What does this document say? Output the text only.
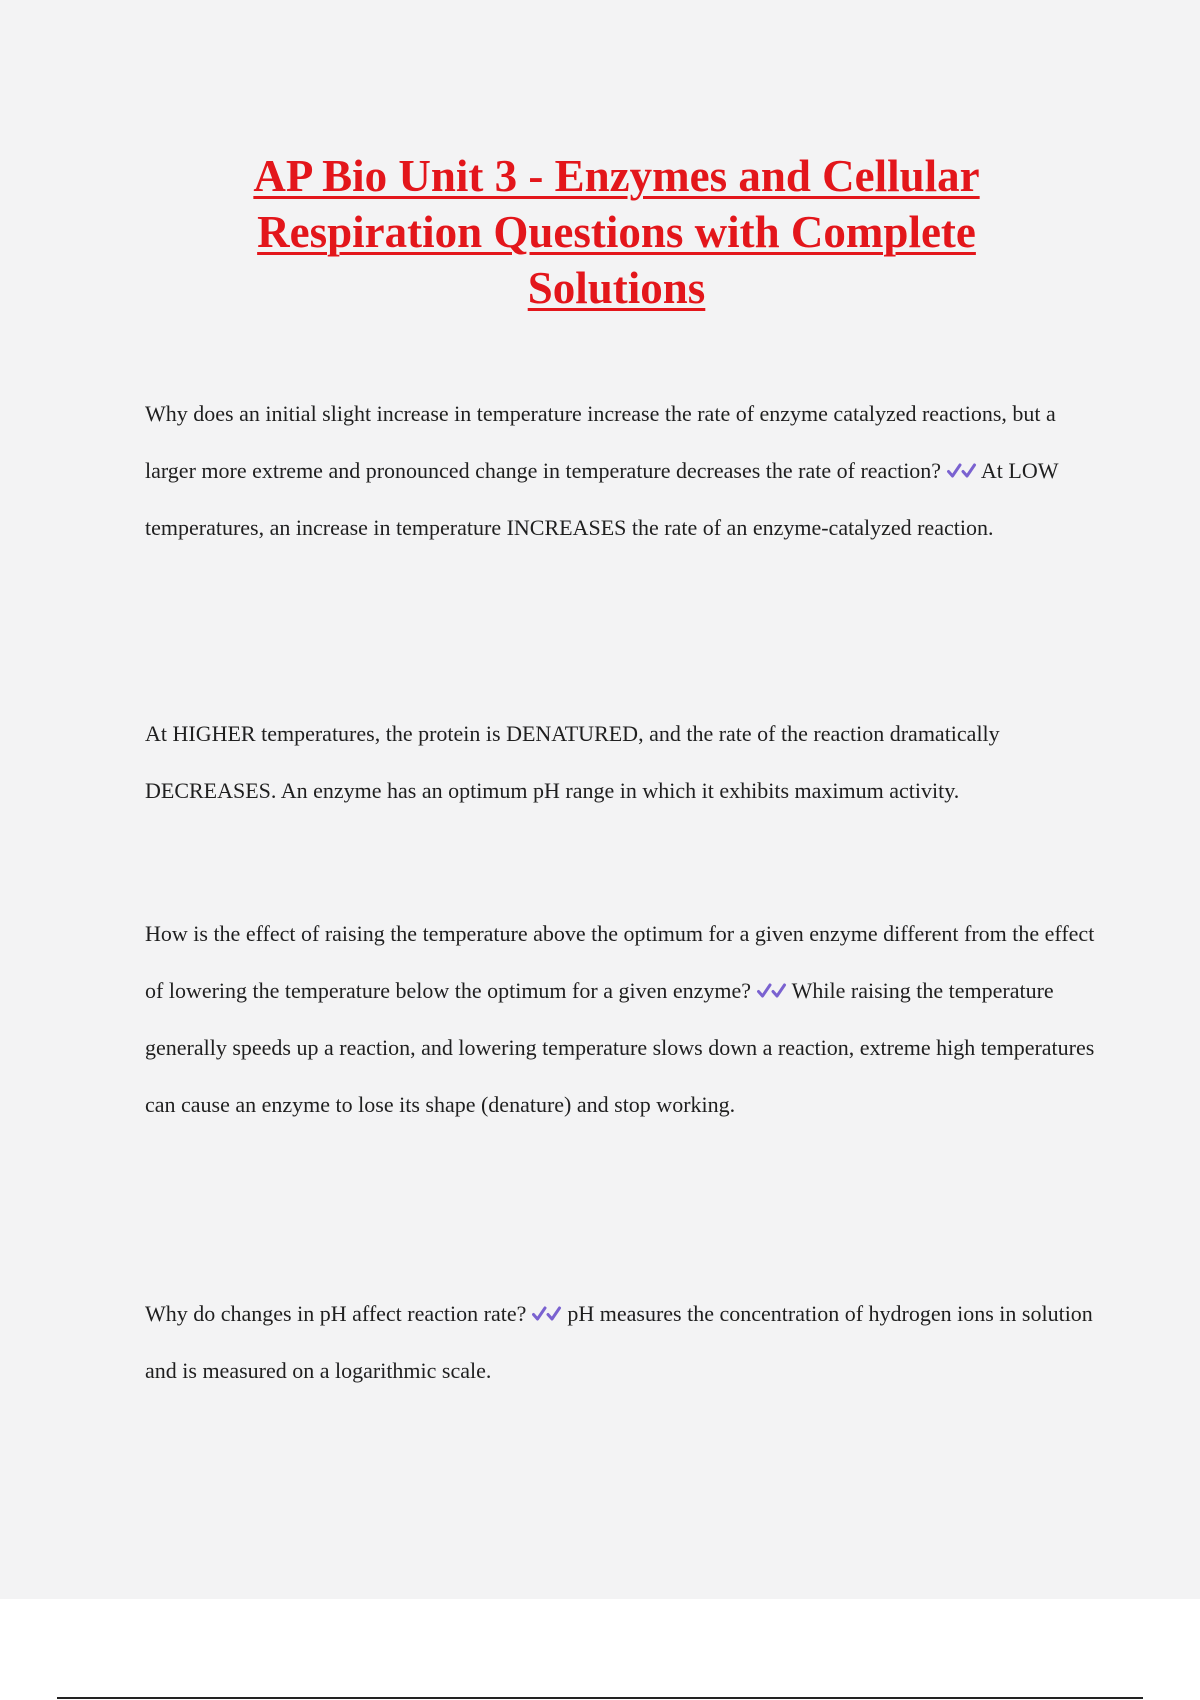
AP Bio Unit 3 - Enzymes and Cellular Respiration Questions with Complete Solutions

Why does an initial slight increase in temperature increase the rate of enzyme catalyzed reactions, but a larger more extreme and pronounced change in temperature decreases the rate of reaction? At LOW temperatures, an increase in temperature INCREASES the rate of an enzyme-catalyzed reaction.

At HIGHER temperatures, the protein is DENATURED, and the rate of the reaction dramatically DECREASES. An enzyme has an optimum pH range in which it exhibits maximum activity.

How is the effect of raising the temperature above the optimum for a given enzyme different from the effect of lowering the temperature below the optimum for a given enzyme? While raising the temperature generally speeds up a reaction, and lowering temperature slows down a reaction, extreme high temperatures can cause an enzyme to lose its shape (denature) and stop working.

Why do changes in pH affect reaction rate? pH measures the concentration of hydrogen ions in solution and is measured on a logarithmic scale.
